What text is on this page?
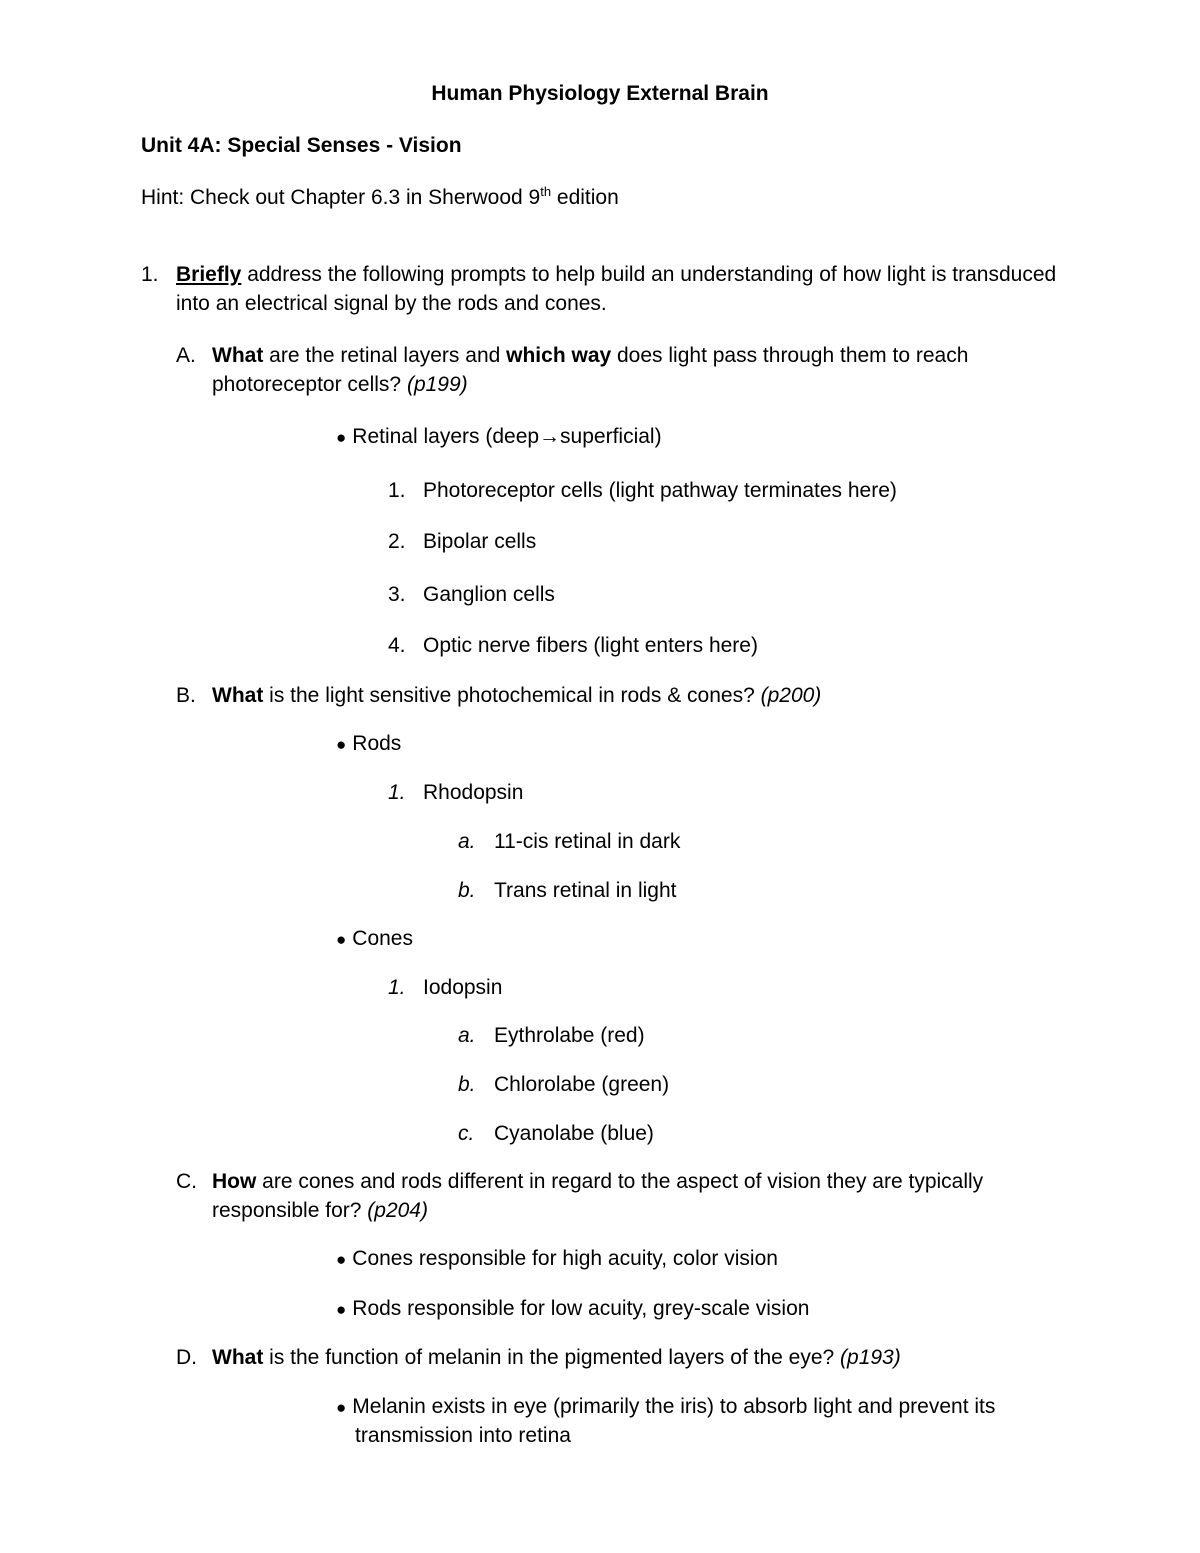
Human Physiology External Brain
Unit 4A: Special Senses - Vision
Hint: Check out Chapter 6.3 in Sherwood 9th edition
1. Briefly address the following prompts to help build an understanding of how light is transduced
into an electrical signal by the rods and cones.
A. What are the retinal layers and which way does light pass through them to reach
photoreceptor cells? (p199)
● Retinal layers (deep→superficial)
1. Photoreceptor cells (light pathway terminates here)
2. Bipolar cells
3. Ganglion cells
4. Optic nerve fibers (light enters here)
B. What is the light sensitive photochemical in rods & cones? (p200)
● Rods
1. Rhodopsin
a. 11-cis retinal in dark
b. Trans retinal in light
● Cones
1. Iodopsin
a. Eythrolabe (red)
b. Chlorolabe (green)
c. Cyanolabe (blue)
C. How are cones and rods different in regard to the aspect of vision they are typically
responsible for? (p204)
● Cones responsible for high acuity, color vision
● Rods responsible for low acuity, grey-scale vision
D. What is the function of melanin in the pigmented layers of the eye? (p193)
● Melanin exists in eye (primarily the iris) to absorb light and prevent its
transmission into retina
